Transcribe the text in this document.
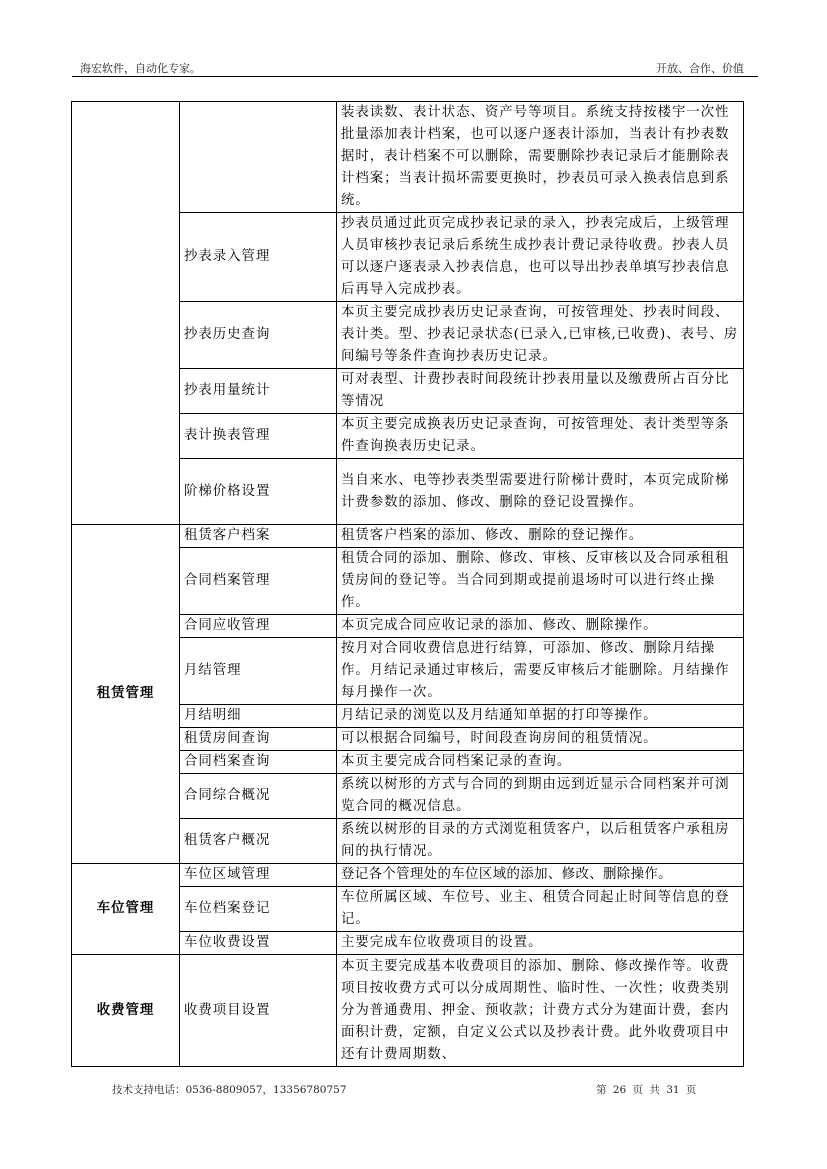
海宏软件，自动化专家。	开放、合作、价值
		装表读数、表计状态、资产号等项目。系统支持按楼宇一次性批量添加表计档案，也可以逐户逐表计添加，当表计有抄表数据时，表计档案不可以删除，需要删除抄表记录后才能删除表计档案；当表计损坏需要更换时，抄表员可录入换表信息到系统。
	抄表录入管理	抄表员通过此页完成抄表记录的录入，抄表完成后，上级管理人员审核抄表记录后系统生成抄表计费记录待收费。抄表人员可以逐户逐表录入抄表信息，也可以导出抄表单填写抄表信息后再导入完成抄表。
	抄表历史查询	本页主要完成抄表历史记录查询，可按管理处、抄表时间段、表计类。型、抄表记录状态(已录入,已审核,已收费)、表号、房间编号等条件查询抄表历史记录。
	抄表用量统计	可对表型、计费抄表时间段统计抄表用量以及缴费所占百分比等情况
	表计换表管理	本页主要完成换表历史记录查询，可按管理处、表计类型等条件查询换表历史记录。
	阶梯价格设置	当自来水、电等抄表类型需要进行阶梯计费时，本页完成阶梯计费参数的添加、修改、删除的登记设置操作。
租赁管理	租赁客户档案	租赁客户档案的添加、修改、删除的登记操作。
	合同档案管理	租赁合同的添加、删除、修改、审核、反审核以及合同承租租赁房间的登记等。当合同到期或提前退场时可以进行终止操作。
	合同应收管理	本页完成合同应收记录的添加、修改、删除操作。
	月结管理	按月对合同收费信息进行结算，可添加、修改、删除月结操作。月结记录通过审核后，需要反审核后才能删除。月结操作每月操作一次。
	月结明细	月结记录的浏览以及月结通知单据的打印等操作。
	租赁房间查询	可以根据合同编号，时间段查询房间的租赁情况。
	合同档案查询	本页主要完成合同档案记录的查询。
	合同综合概况	系统以树形的方式与合同的到期由远到近显示合同档案并可浏览合同的概况信息。
	租赁客户概况	系统以树形的目录的方式浏览租赁客户，以后租赁客户承租房间的执行情况。
车位管理	车位区域管理	登记各个管理处的车位区域的添加、修改、删除操作。
	车位档案登记	车位所属区域、车位号、业主、租赁合同起止时间等信息的登记。
	车位收费设置	主要完成车位收费项目的设置。
收费管理	收费项目设置	本页主要完成基本收费项目的添加、删除、修改操作等。收费项目按收费方式可以分成周期性、临时性、一次性；收费类别分为普通费用、押金、预收款；计费方式分为建面计费，套内面积计费，定额，自定义公式以及抄表计费。此外收费项目中还有计费周期数、
技术支持电话：0536-8809057，13356780757	第 26 页 共 31 页
